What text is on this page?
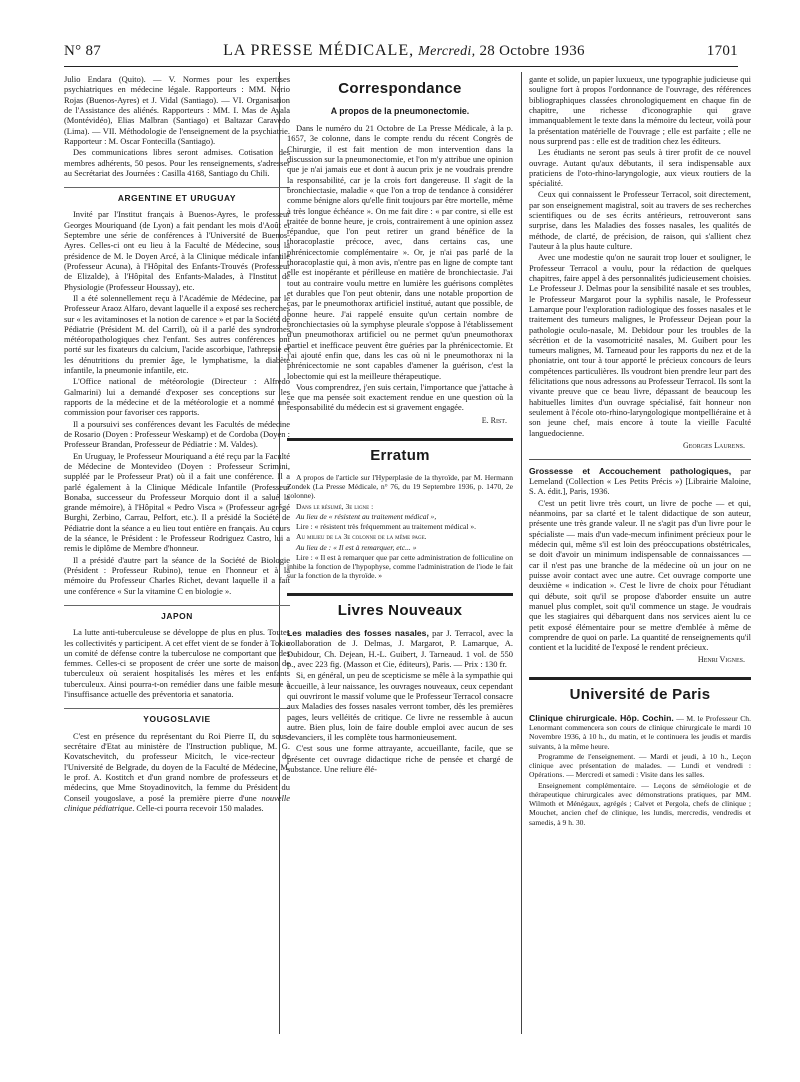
N° 87	LA PRESSE MÉDICALE, Mercredi, 28 Octobre 1936	1701

Julio Endara (Quito). — V. Normes pour les expertises psychiatriques en médecine légale. Rapporteurs : MM. Nério Rojas (Buenos-Ayres) et J. Vidal (Santiago). — VI. Organisation de l'Assistance des aliénés. Rapporteurs : MM. I. Mas de Ayala (Montévidéo), Elias Malbran (Santiago) et Baltazar Caravedo (Lima). — VII. Méthodologie de l'enseignement de la psychiatrie. Rapporteur : M. Oscar Fontecilla (Santiago).

Des communications libres seront admises. Cotisation des membres adhérents, 50 pesos. Pour les renseignements, s'adresser au Secrétariat des Journées : Casilla 4168, Santiago du Chili.

ARGENTINE ET URUGUAY

Invité par l'Institut français à Buenos-Ayres, le professeur Georges Mouriquand (de Lyon) a fait pendant les mois d'Août et Septembre une série de conférences à l'Université de Buenos-Ayres. Celles-ci ont eu lieu à la Faculté de Médecine, sous la présidence de M. le Doyen Arcé, à la Clinique médicale infantile (Professeur Acuna), à l'Hôpital des Enfants-Trouvés (Professeur de Elizalde), à l'Hôpital des Enfants-Malades, à l'Institut de Physiologie (Professeur Houssay), etc.

Il a été solennellement reçu à l'Académie de Médecine, par le Professeur Araoz Alfaro, devant laquelle il a exposé ses recherches sur « les avitaminoses et la notion de carence » et par la Société de Pédiatrie (Président M. del Carril), où il a parlé des syndromes météoropathologiques chez l'enfant. Ses autres conférences ont porté sur les fixateurs du calcium, l'acide ascorbique, l'athrepsie et les dénutritions du premier âge, le lymphatisme, la diabète infantile, la pneumonie infantile, etc.

L'Office national de météorologie (Directeur : Alfredo Galmarini) lui a demandé d'exposer ses conceptions sur les rapports de la médecine et de la météorologie et a nommé une commission pour favoriser ces rapports.

Il a poursuivi ses conférences devant les Facultés de médecine de Rosario (Doyen : Professeur Weskamp) et de Cordoba (Doyen : Professeur Brandan, Professeur de Pédiatrie : M. Valdes).

En Uruguay, le Professeur Mouriquand a été reçu par la Faculté de Médecine de Montevideo (Doyen : Professeur Scrimini, suppléé par le Professeur Prat) où il a fait une conférence. Il a parlé également à la Clinique Médicale Infantile (Professeur Bonaba, successeur du Professeur Morquio dont il a salué la grande mémoire), à l'Hôpital « Pedro Visca » (Professeur agrégé Burghi, Zerbino, Carrau, Pelfort, etc.). Il a présidé la Société de Pédiatrie dont la séance a eu lieu tout entière en français. Au cours de la séance, le Président : le Professeur Rodriguez Castro, lui a remis le diplôme de Membre d'honneur.

Il a présidé d'autre part la séance de la Société de Biologie (Président : Professeur Rubino), tenue en l'honneur et à la mémoire du Professeur Charles Richet, devant laquelle il a fait une conférence « Sur la vitamine C en biologie ».

JAPON

La lutte anti-tuberculeuse se développe de plus en plus. Toutes les collectivités y participent. A cet effet vient de se fonder à Tokio un comité de défense contre la tuberculose ne comportant que des femmes. Celles-ci se proposent de créer une sorte de maison de tuberculeux où seraient hospitalisés les mères et les enfants tuberculeux. Ainsi pourra-t-on remédier dans une faible mesure à l'insuffisance actuelle des préventoria et sanatoria.

YOUGOSLAVIE

C'est en présence du représentant du Roi Pierre II, du sous-secrétaire d'Etat au ministère de l'Instruction publique, M. G. Kovatschevitch, du professeur Micitch, le vice-recteur de l'Université de Belgrade, du doyen de la Faculté de Médecine, M. le prof. A. Kostitch et d'un grand nombre de professeurs et de médecins, que Mme Stoyadinovitch, la femme du Président du Conseil yougoslave, a posé la première pierre d'une nouvelle clinique pédiatrique. Celle-ci pourra recevoir 150 malades.

Correspondance
A propos de la pneumonectomie.

Dans le numéro du 21 Octobre de La Presse Médicale, à la p. 1657, 3e colonne, dans le compte rendu du récent Congrès de Chirurgie, il est fait mention de mon intervention dans la discussion sur la pneumonectomie, et l'on m'y attribue une opinion que je n'ai jamais eue et dont à aucun prix je ne voudrais prendre la responsabilité, car je la crois fort dangereuse. Il s'agit de la bronchiectasie, maladie « que l'on a trop de tendance à considérer comme bénigne alors qu'elle finit toujours par être mortelle, même à très longue échéance ». On me fait dire : « par contre, si elle est traitée de bonne heure, je crois, contrairement à une opinion assez répandue, que l'on peut retirer un grand bénéfice de la thoracoplastie précoce, avec, dans certains cas, une phrénicectomie complémentaire ». Or, je n'ai pas parlé de la thoracoplastie qui, à mon avis, n'entre pas en ligne de compte tant elle est inopérante et périlleuse en matière de bronchiectasie. J'ai tout au contraire voulu mettre en lumière les guérisons complètes et durables que l'on peut obtenir, dans une notable proportion de cas, par le pneumothorax artificiel institué, autant que possible, de bonne heure. J'ai rappelé ensuite qu'un certain nombre de bronchiectasies où la symphyse pleurale s'oppose à l'établissement d'un pneumothorax artificiel ou ne permet qu'un pneumothorax partiel et inefficace peuvent être guéries par la phrénicectomie. Et j'ai ajouté enfin que, dans les cas où ni le pneumothorax ni la phrénicectomie ne sont capables d'amener la guérison, c'est la lobectomie qui est la meilleure thérapeutique.

Vous comprendrez, j'en suis certain, l'importance que j'attache à ce que ma pensée soit exactement rendue en une question où la responsabilité du médecin est si gravement engagée.

E. Rist.
Erratum

A propos de l'article sur l'Hyperplasie de la thyroïde, par M. Hermann Zondek (La Presse Médicale, n° 76, du 19 Septembre 1936, p. 1470, 2e colonne).

Dans le résumé, 3e ligne :

Au lieu de « résistent au traitement médical »,

Lire : « résistent très fréquemment au traitement médical ».

Au milieu de la 3e colonne de la même page.

Au lieu de : « Il est à remarquer, etc... »

Lire : « Il est à remarquer que par cette administration de folliculine on inhibe la fonction de l'hypophyse, comme l'administration de l'iode le fait sur la fonction de la thyroïde. »

Livres Nouveaux

Les maladies des fosses nasales, par J. Terracol, avec la collaboration de J. Delmas, J. Margarot, P. Lamarque, A. Dubidour, Ch. Dejean, H.-L. Guibert, J. Tarneaud. 1 vol. de 550 p., avec 223 fig. (Masson et Cie, éditeurs), Paris. — Prix : 130 fr.

Si, en général, un peu de scepticisme se mêle à la sympathie qui accueille, à leur naissance, les ouvrages nouveaux, ceux cependant qui ouvriront le massif volume que le Professeur Terracol consacre aux Maladies des fosses nasales verront tomber, dès les premières pages, leurs velléités de critique. Ce livre ne ressemble à aucun autre. Bien plus, loin de faire double emploi avec aucun de ses devanciers, il les complète tous harmonieusement.

C'est sous une forme attrayante, accueillante, facile, que se présente cet ouvrage didactique riche de pensée et chargé de substance. Une reliure élé-

gante et solide, un papier luxueux, une typographie judicieuse qui souligne fort à propos l'ordonnance de l'ouvrage, des références bibliographiques classées chronologiquement en chaque fin de chapitre, une richesse d'iconographie qui grave immanquablement le texte dans la mémoire du lecteur, voilà pour la présentation matérielle de l'ouvrage ; elle est parfaite ; elle ne nous surprend pas : elle est de tradition chez les éditeurs.

Les étudiants ne seront pas seuls à tirer profit de ce nouvel ouvrage. Autant qu'aux débutants, il sera indispensable aux praticiens de l'oto-rhino-laryngologie, aux vieux routiers de la spécialité.

Ceux qui connaissent le Professeur Terracol, soit directement, par son enseignement magistral, soit au travers de ses recherches scientifiques ou de ses écrits antérieurs, retrouveront sans surprise, dans les Maladies des fosses nasales, les qualités de méthode, de clarté, de précision, de raison, qui s'allient chez l'auteur à la plus haute culture.

Avec une modestie qu'on ne saurait trop louer et souligner, le Professeur Terracol a voulu, pour la rédaction de quelques chapitres, faire appel à des personnalités judicieusement choisies. Le Professeur J. Delmas pour la sensibilité nasale et ses troubles, le Professeur Margarot pour la syphilis nasale, le Professeur Lamarque pour l'exploration radiologique des fosses nasales et le traitement des tumeurs malignes, le Professeur Dejean pour la pathologie oculo-nasale, M. Debidour pour les troubles de la sécrétion et de la vasomotricité nasales, M. Guibert pour les tumeurs malignes, M. Tarneaud pour les rapports du nez et de la phoniatrie, ont tour à tour apporté le précieux concours de leurs compétences particulières. Ils voudront bien prendre leur part des félicitations que nous adressons au Professeur Terracol. Ils sont la vivante preuve que ce beau livre, dépassant de beaucoup les habituelles limites d'un ouvrage spécialisé, fait honneur non seulement à l'école oto-rhino-laryngologique montpelliéraine et à son jeune chef, mais encore à toute la vieille Faculté languedocienne.

Georges Laurens.

Grossesse et Accouchement pathologiques, par Lemeland (Collection « Les Petits Précis ») [Librairie Maloine, S. A. édit.], Paris, 1936.

C'est un petit livre très court, un livre de poche — et qui, néanmoins, par sa clarté et le talent didactique de son auteur, présente une très grande valeur. Il ne s'agit pas d'un livre pour le spécialiste — mais d'un vade-mecum infiniment précieux pour le médecin qui, même s'il est loin des préoccupations obstétricales, se doit d'avoir un minimum indispensable de connaissances — car il n'est pas une branche de la médecine où un jour on ne puisse avoir contact avec une autre. Cet ouvrage comporte une deuxième « indication ». C'est le livre de choix pour l'étudiant qui débute, soit qu'il se propose d'aborder ensuite un autre manuel plus complet, soit qu'il commence un stage. Je voudrais que les stagiaires qui débarquent dans nos services aient lu ce petit exposé élémentaire pour se mettre d'emblée à même de comprendre de quoi on parle. La quantité de renseignements qu'il contient et la lucidité de l'exposé le rendent précieux.

Henri Vignes.
Université de Paris

Clinique chirurgicale. Hôp. Cochin. — M. le Professeur Ch. Lenormant commencera son cours de clinique chirurgicale le mardi 10 Novembre 1936, à 10 h., du matin, et le continuera les jeudis et mardis suivants, à la même heure.

Programme de l'enseignement. — Mardi et jeudi, à 10 h., Leçon clinique avec présentation de malades. — Lundi et vendredi : Opérations. — Mercredi et samedi : Visite dans les salles.

Enseignement complémentaire. — Leçons de séméiologie et de thérapeutique chirurgicales avec démonstrations pratiques, par MM. Wilmoth et Ménégaux, agrégés ; Calvet et Pergola, chefs de clinique ; Mouchet, ancien chef de clinique, les lundis, mercredis, vendredis et samedis, à 9 h. 30.
